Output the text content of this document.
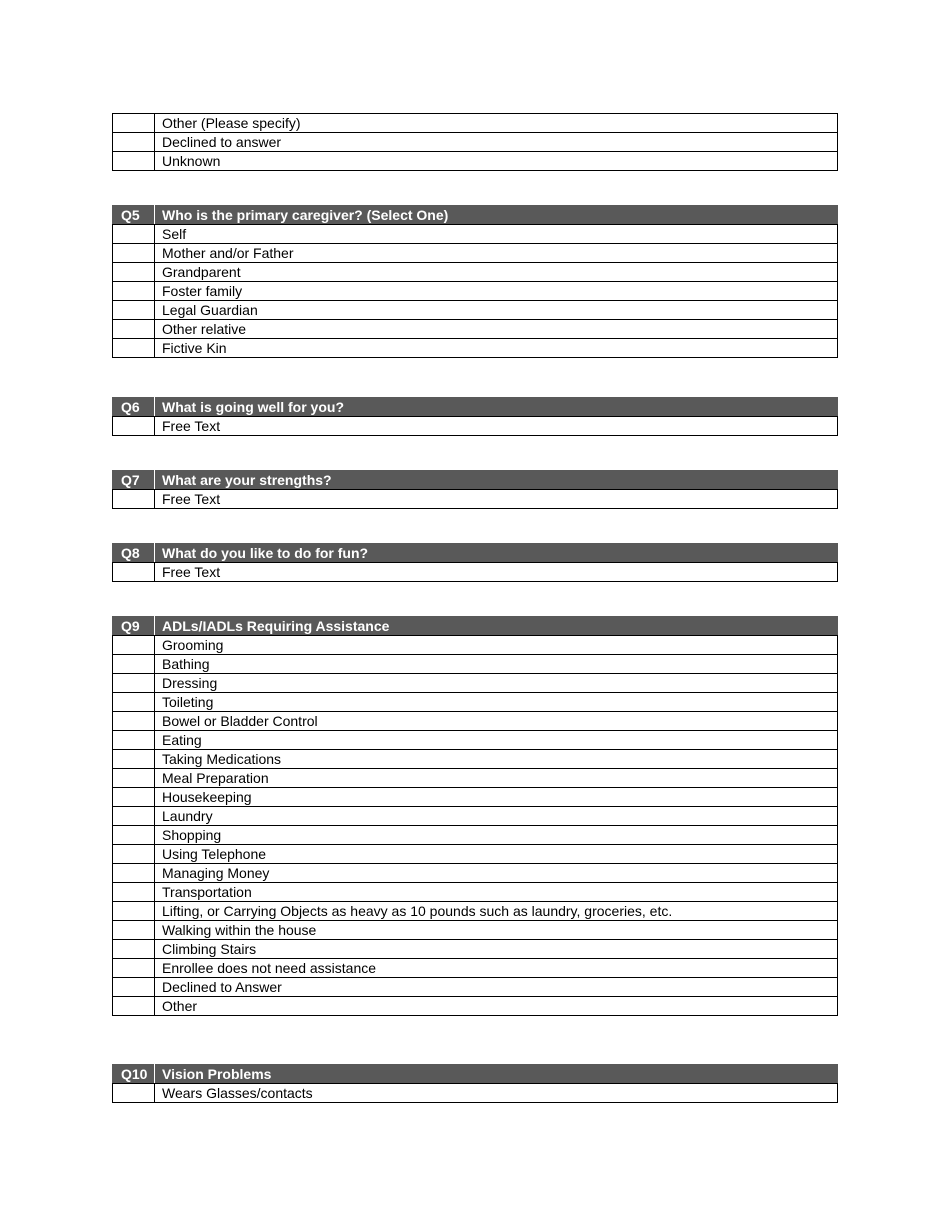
	Other (Please specify)
	Declined to answer
	Unknown
Q5	Who is the primary caregiver? (Select One)
	Self
	Mother and/or Father
	Grandparent
	Foster family
	Legal Guardian
	Other relative
	Fictive Kin
Q6	What is going well for you?
	Free Text
Q7	What are your strengths?
	Free Text
Q8	What do you like to do for fun?
	Free Text
Q9	ADLs/IADLs Requiring Assistance
	Grooming
	Bathing
	Dressing
	Toileting
	Bowel or Bladder Control
	Eating
	Taking Medications
	Meal Preparation
	Housekeeping
	Laundry
	Shopping
	Using Telephone
	Managing Money
	Transportation
	Lifting, or Carrying Objects as heavy as 10 pounds such as laundry, groceries, etc.
	Walking within the house
	Climbing Stairs
	Enrollee does not need assistance
	Declined to Answer
	Other
Q10	Vision Problems
	Wears Glasses/contacts
